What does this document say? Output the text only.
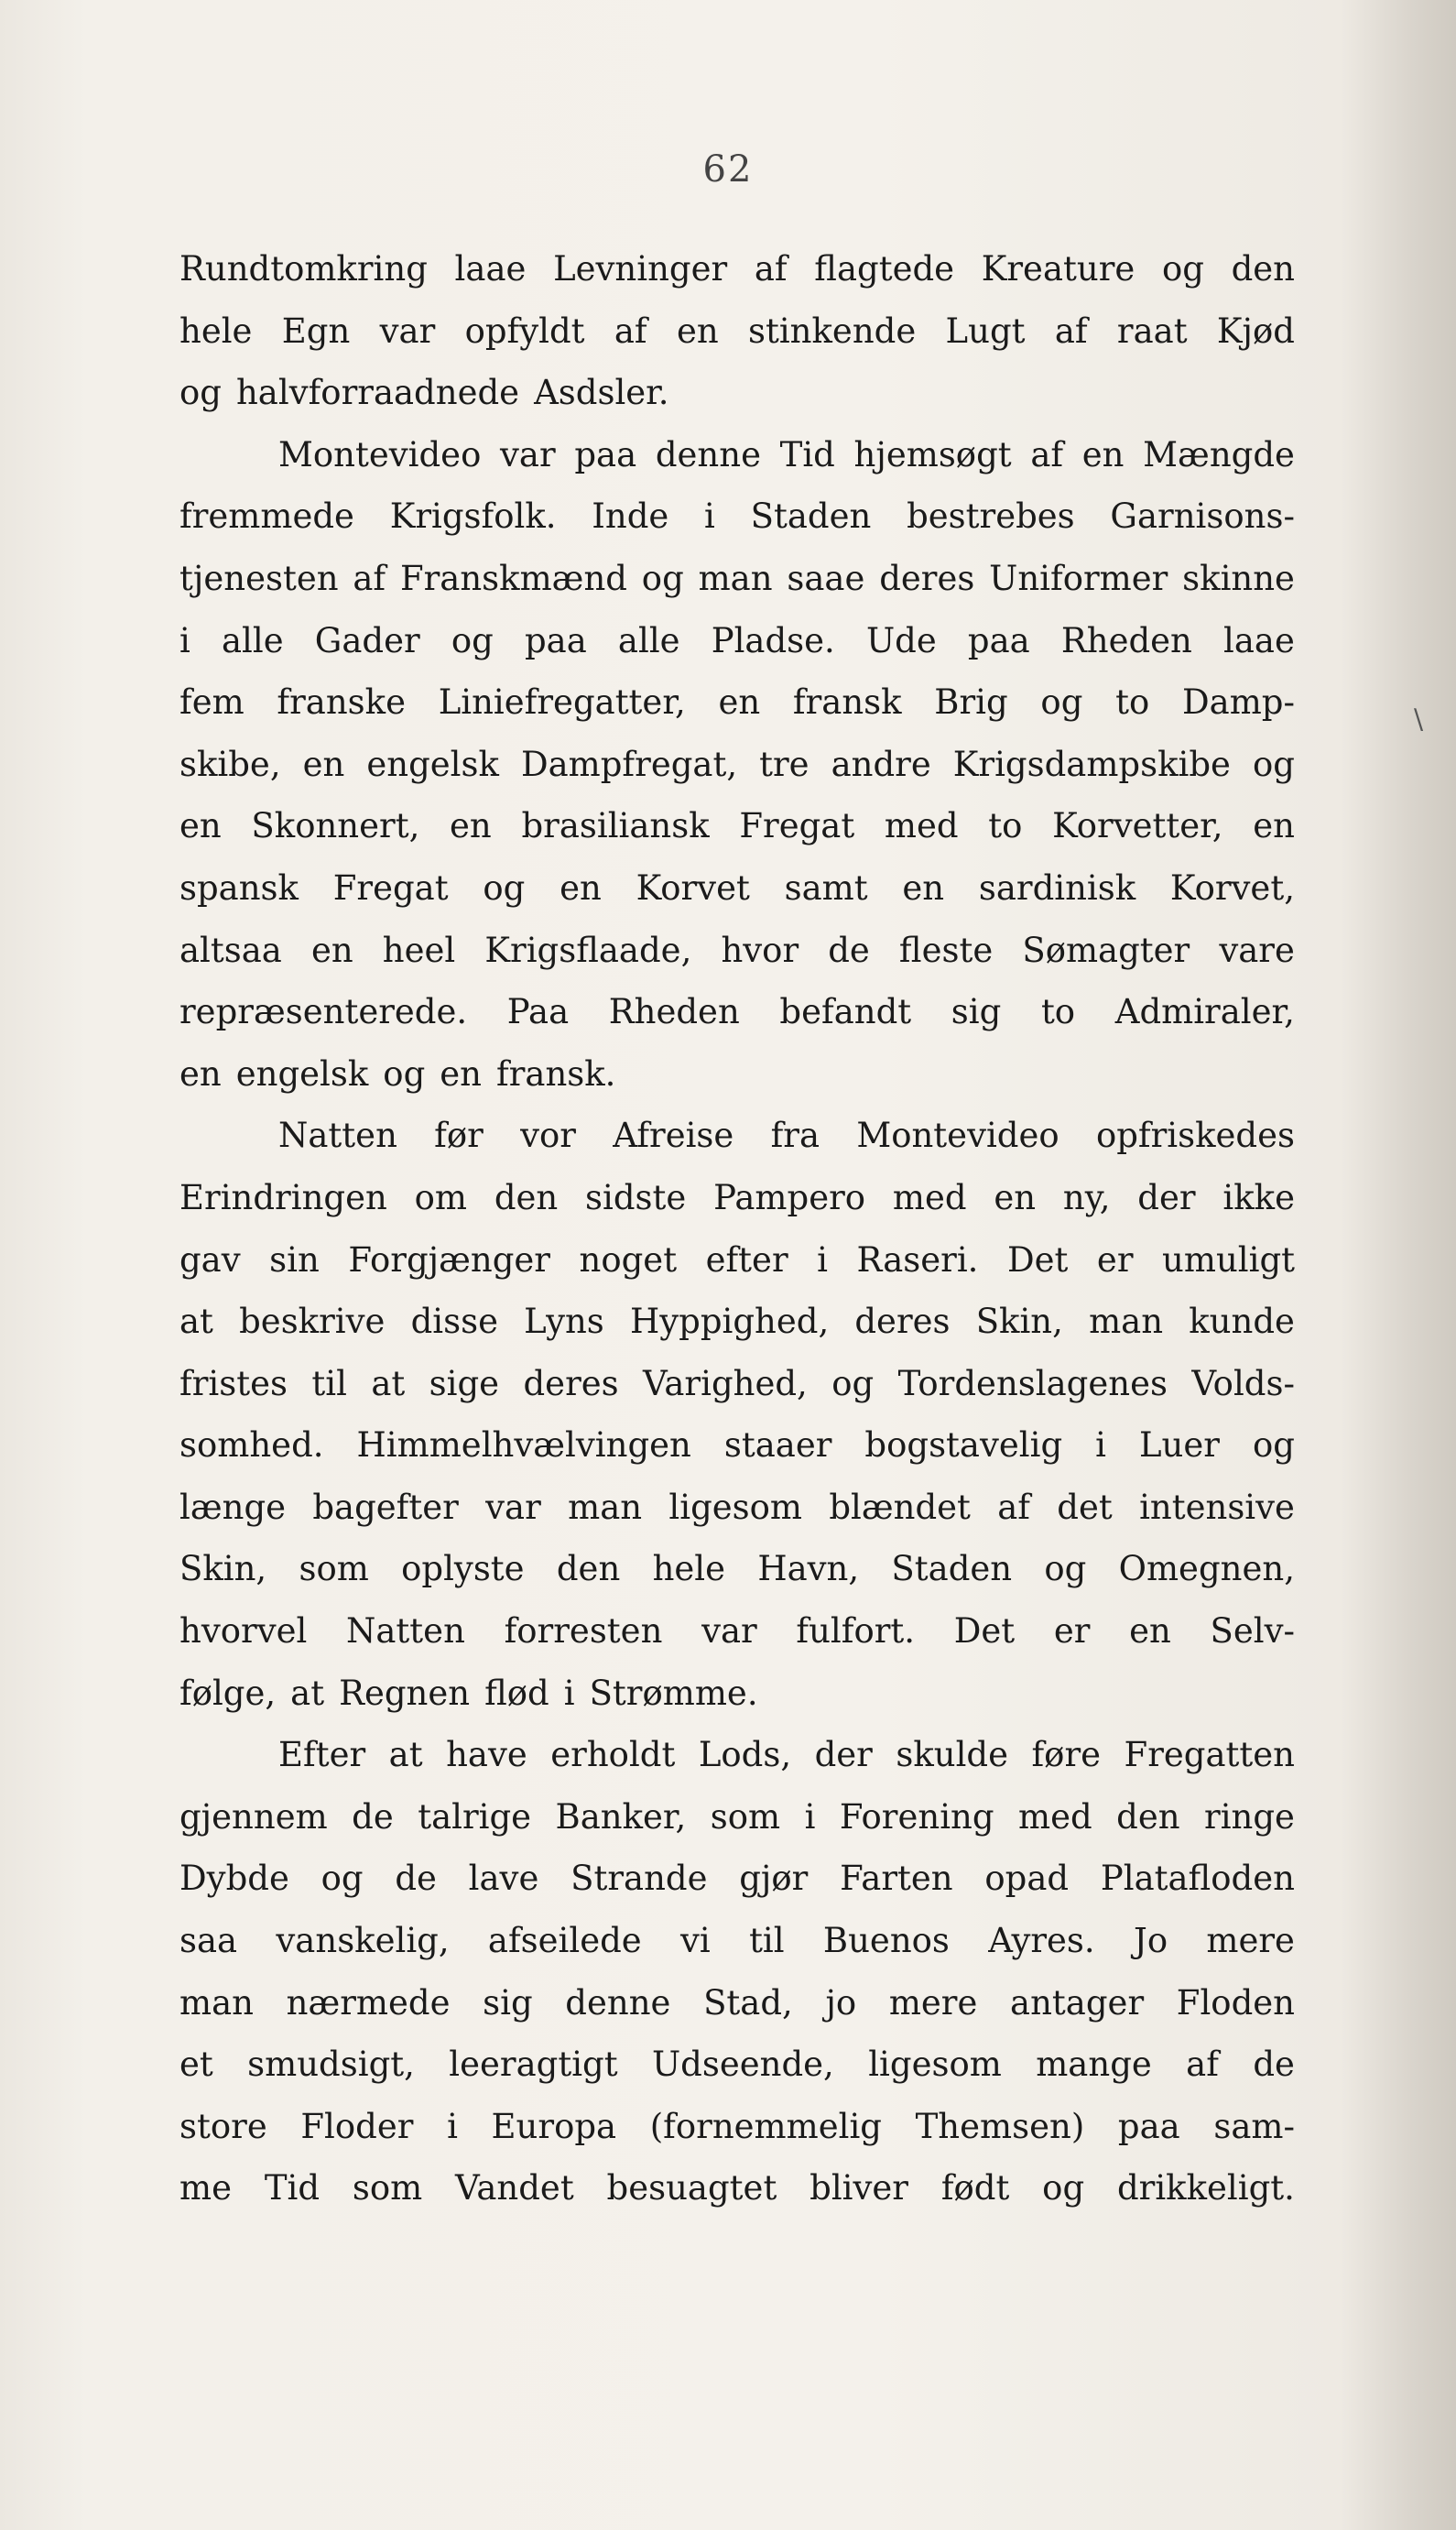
62
\
Rundtomkring laae Levninger af flagtede Kreature og den
hele Egn var opfyldt af en stinkende Lugt af raat Kjød
og halvforraadnede Asdsler.
Montevideo var paa denne Tid hjemsøgt af en Mængde
fremmede Krigsfolk. Inde i Staden bestrebes Garnisons-
tjenesten af Franskmænd og man saae deres Uniformer skinne
i alle Gader og paa alle Pladse. Ude paa Rheden laae
fem franske Liniefregatter, en fransk Brig og to Damp-
skibe, en engelsk Dampfregat, tre andre Krigsdampskibe og
en Skonnert, en brasiliansk Fregat med to Korvetter, en
spansk Fregat og en Korvet samt en sardinisk Korvet,
altsaa en heel Krigsflaade, hvor de fleste Sømagter vare
repræsenterede. Paa Rheden befandt sig to Admiraler,
en engelsk og en fransk.
Natten før vor Afreise fra Montevideo opfriskedes
Erindringen om den sidste Pampero med en ny, der ikke
gav sin Forgjænger noget efter i Raseri. Det er umuligt
at beskrive disse Lyns Hyppighed, deres Skin, man kunde
fristes til at sige deres Varighed, og Tordenslagenes Volds-
somhed. Himmelhvælvingen staaer bogstavelig i Luer og
længe bagefter var man ligesom blændet af det intensive
Skin, som oplyste den hele Havn, Staden og Omegnen,
hvorvel Natten forresten var fulfort. Det er en Selv-
følge, at Regnen flød i Strømme.
Efter at have erholdt Lods, der skulde føre Fregatten
gjennem de talrige Banker, som i Forening med den ringe
Dybde og de lave Strande gjør Farten opad Platafloden
saa vanskelig, afseilede vi til Buenos Ayres. Jo mere
man nærmede sig denne Stad, jo mere antager Floden
et smudsigt, leeragtigt Udseende, ligesom mange af de
store Floder i Europa (fornemmelig Themsen) paa sam-
me Tid som Vandet besuagtet bliver født og drikkeligt.
